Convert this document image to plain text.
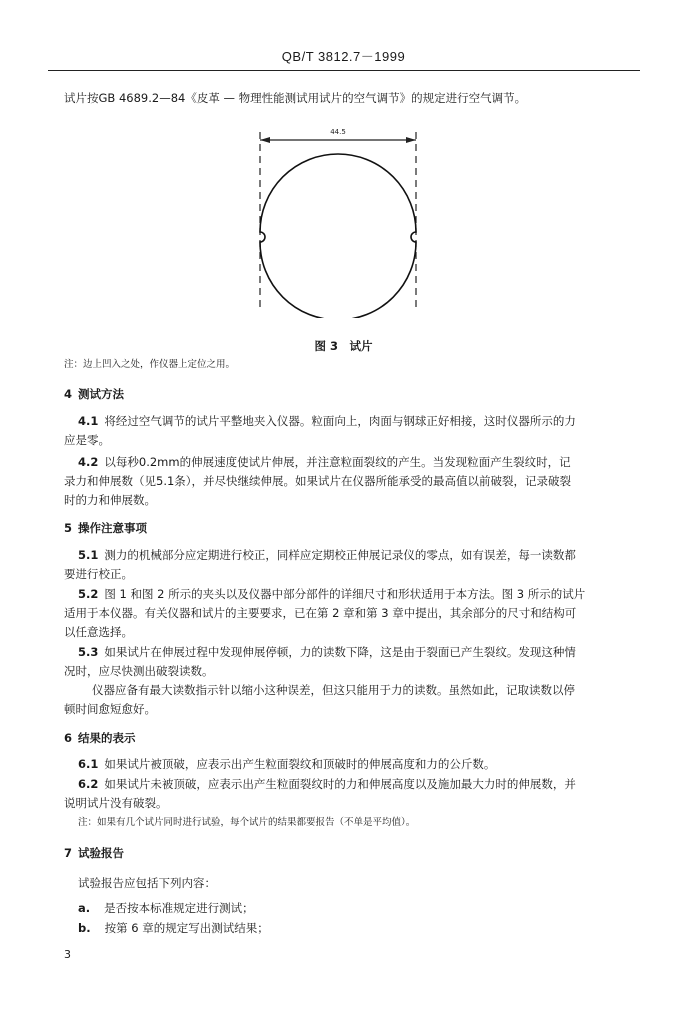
QB/T 3812.7－1999
试片按GB 4689.2—84《皮革 — 物理性能测试用试片的空气调节》的规定进行空气调节。
44.5
图 3　试片
注：边上凹入之处，作仪器上定位之用。
4 测试方法
4.1 将经过空气调节的试片平整地夹入仪器。粒面向上，肉面与钢球正好相接，这时仪器所示的力
应是零。
4.2 以每秒0.2mm的伸展速度使试片伸展，并注意粒面裂纹的产生。当发现粒面产生裂纹时，记
录力和伸展数（见5.1条），并尽快继续伸展。如果试片在仪器所能承受的最高值以前破裂，记录破裂
时的力和伸展数。
5 操作注意事项
5.1 测力的机械部分应定期进行校正，同样应定期校正伸展记录仪的零点，如有误差，每一读数都
要进行校正。
5.2 图 1 和图 2 所示的夹头以及仪器中部分部件的详细尺寸和形状适用于本方法。图 3 所示的试片
适用于本仪器。有关仪器和试片的主要要求，已在第 2 章和第 3 章中提出，其余部分的尺寸和结构可
以任意选择。
5.3 如果试片在伸展过程中发现伸展停顿，力的读数下降，这是由于裂面已产生裂纹。发现这种情
况时，应尽快测出破裂读数。
仪器应备有最大读数指示针以缩小这种误差，但这只能用于力的读数。虽然如此，记取读数以停
顿时间愈短愈好。
6 结果的表示
6.1 如果试片被顶破，应表示出产生粒面裂纹和顶破时的伸展高度和力的公斤数。
6.2 如果试片未被顶破，应表示出产生粒面裂纹时的力和伸展高度以及施加最大力时的伸展数，并
说明试片没有破裂。
注：如果有几个试片同时进行试验，每个试片的结果都要报告（不单是平均值）。
7 试验报告
试验报告应包括下列内容：
a. 是否按本标准规定进行测试；
b. 按第 6 章的规定写出测试结果；
3
